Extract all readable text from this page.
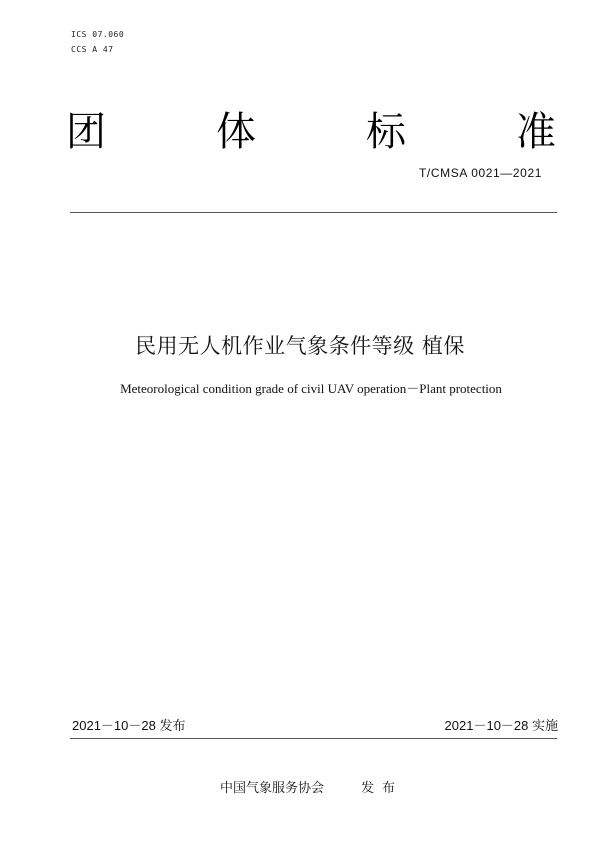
ICS 07.060
CCS A 47
团	体	标	准
T/CMSA 0021—2021
民用无人机作业气象条件等级 植保
Meteorological condition grade of civil UAV operation－Plant protection
2021－10－28 发布	2021－10－28 实施
中国气象服务协会	发布
